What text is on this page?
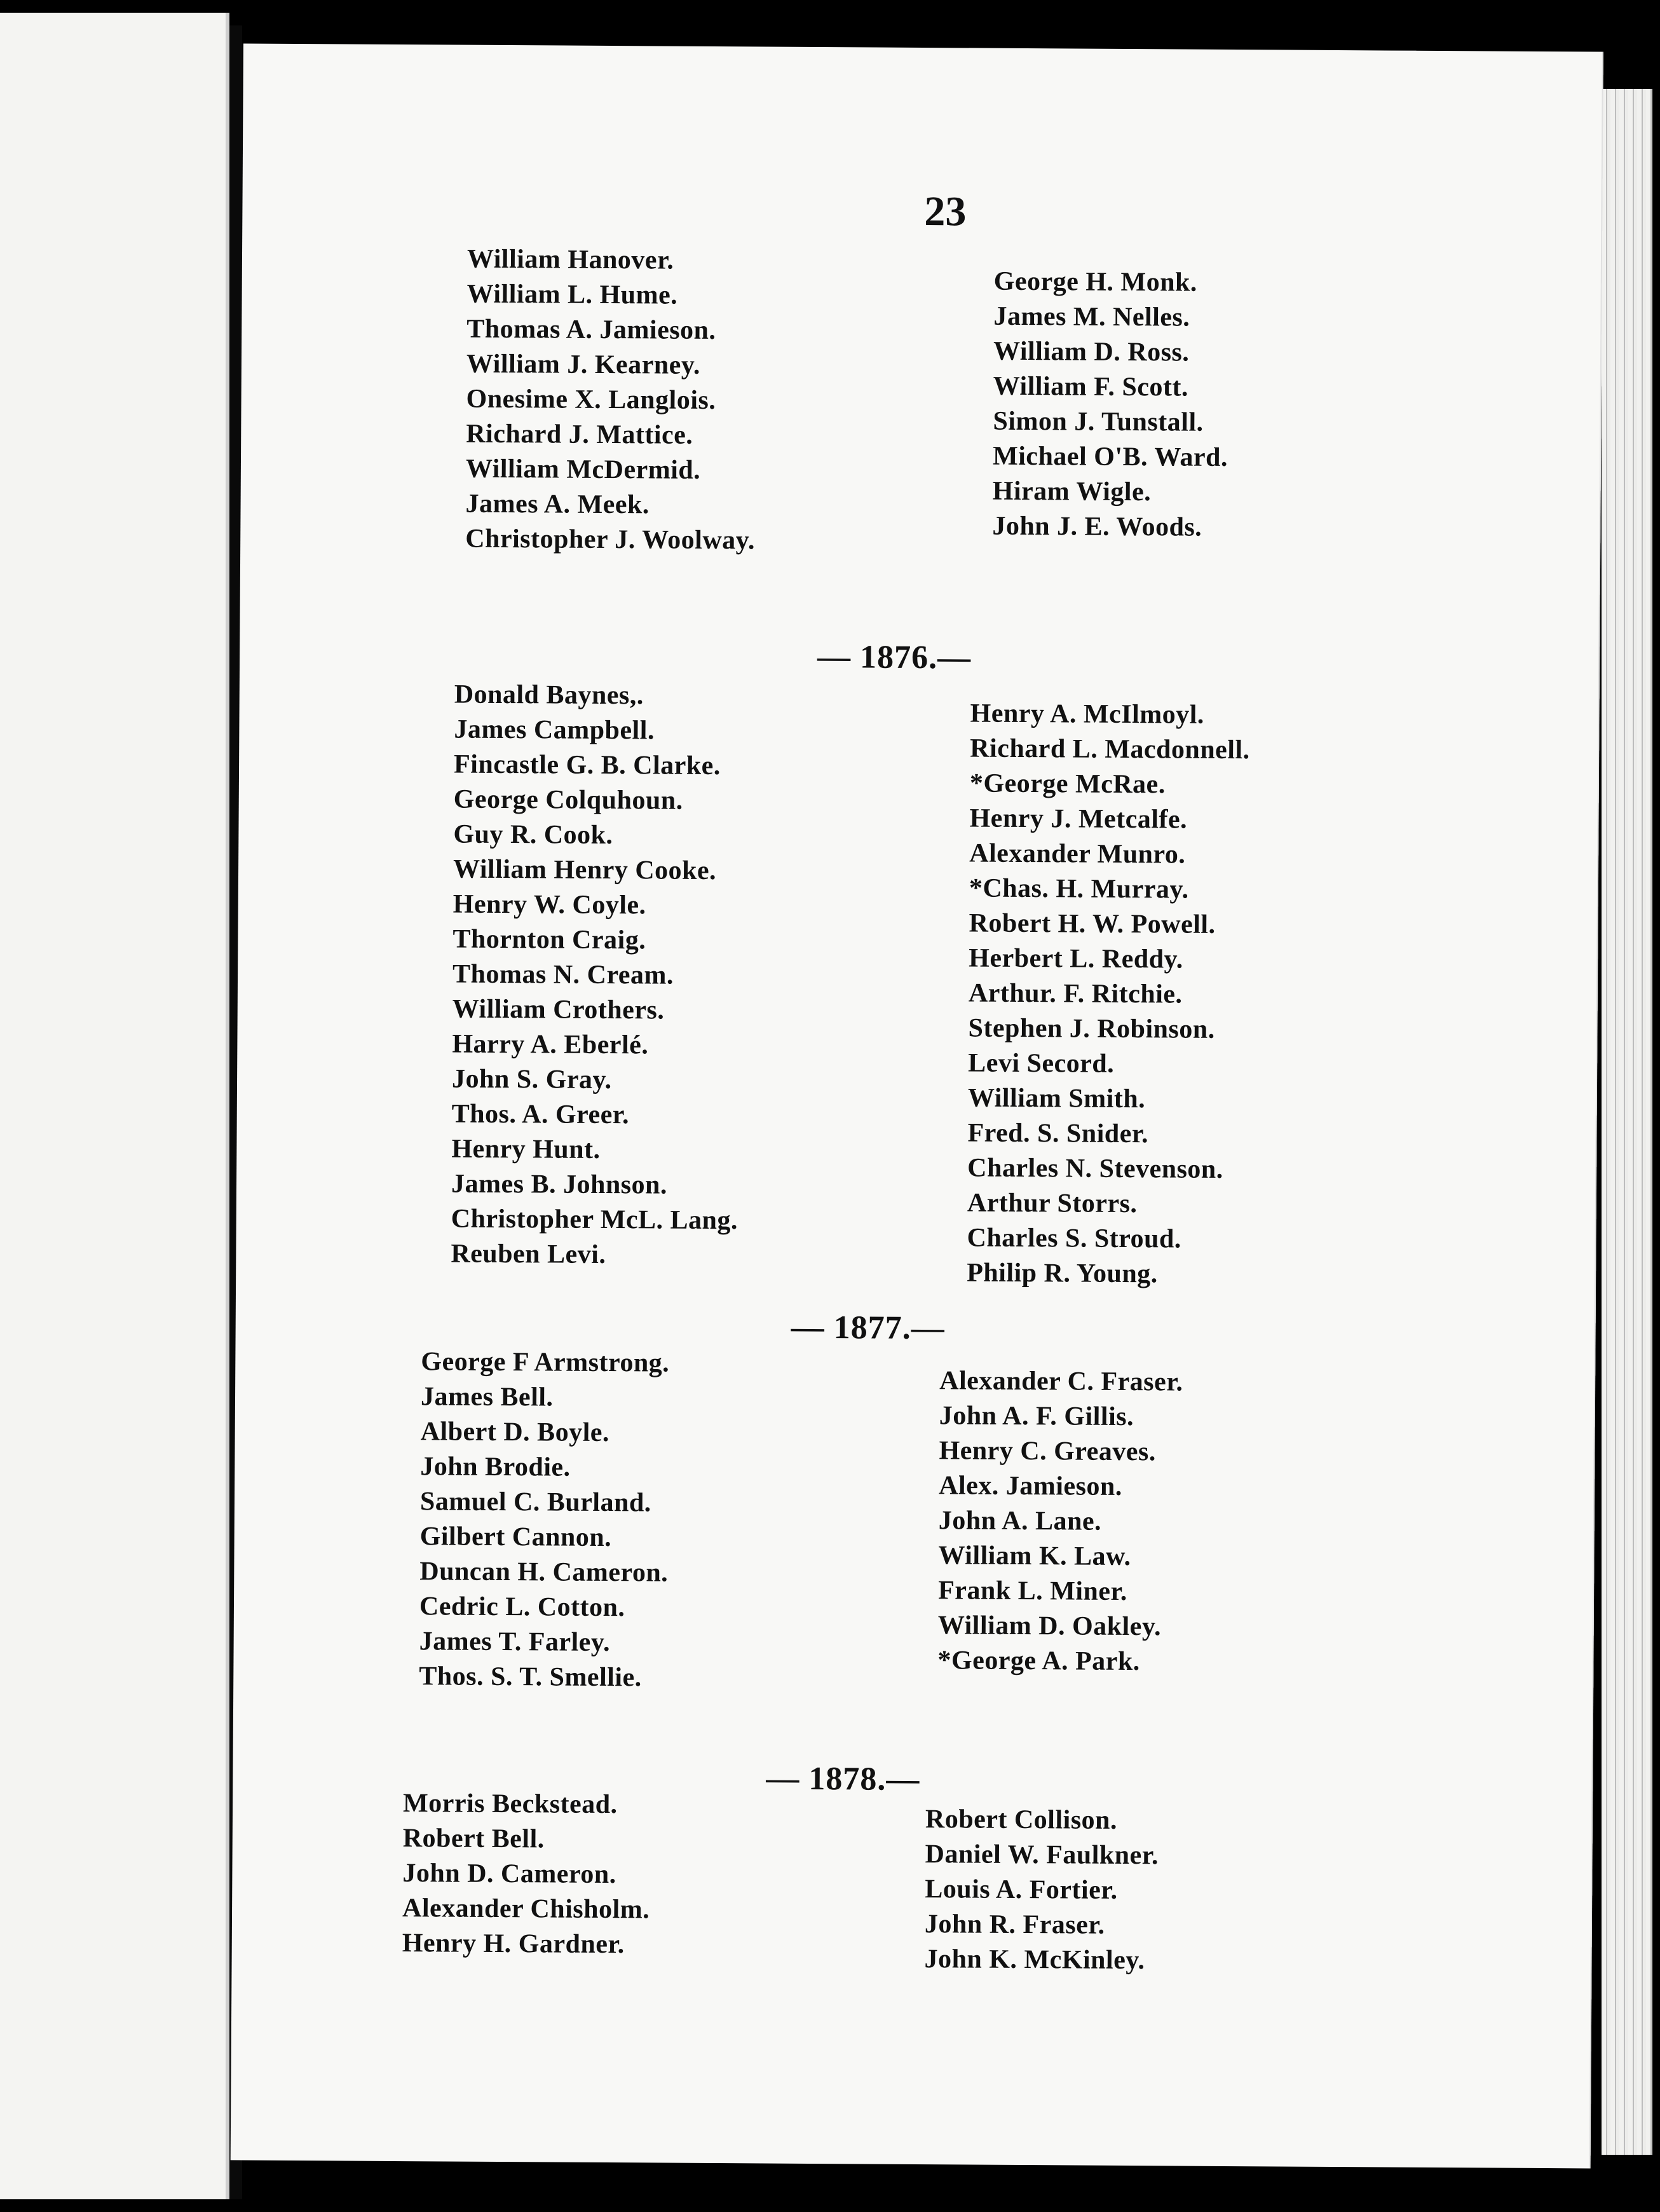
23
William Hanover.
William L. Hume.
Thomas A. Jamieson.
William J. Kearney.
Onesime X. Langlois.
Richard J. Mattice.
William McDermid.
James A. Meek.
Christopher J. Woolway.
George H. Monk.
James M. Nelles.
William D. Ross.
William F. Scott.
Simon J. Tunstall.
Michael O'B. Ward.
Hiram Wigle.
John J. E. Woods.
— 1876.—
Donald Baynes,.
James Campbell.
Fincastle G. B. Clarke.
George Colquhoun.
Guy R. Cook.
William Henry Cooke.
Henry W. Coyle.
Thornton Craig.
Thomas N. Cream.
William Crothers.
Harry A. Eberlé.
John S. Gray.
Thos. A. Greer.
Henry Hunt.
James B. Johnson.
Christopher McL. Lang.
Reuben Levi.
Henry A. McIlmoyl.
Richard L. Macdonnell.
*George McRae.
Henry J. Metcalfe.
Alexander Munro.
*Chas. H. Murray.
Robert H. W. Powell.
Herbert L. Reddy.
Arthur. F. Ritchie.
Stephen J. Robinson.
Levi Secord.
William Smith.
Fred. S. Snider.
Charles N. Stevenson.
Arthur Storrs.
Charles S. Stroud.
Philip R. Young.
— 1877.—
George F Armstrong.
James Bell.
Albert D. Boyle.
John Brodie.
Samuel C. Burland.
Gilbert Cannon.
Duncan H. Cameron.
Cedric L. Cotton.
James T. Farley.
Thos. S. T. Smellie.
Alexander C. Fraser.
John A. F. Gillis.
Henry C. Greaves.
Alex. Jamieson.
John A. Lane.
William K. Law.
Frank L. Miner.
William D. Oakley.
*George A. Park.
— 1878.—
Morris Beckstead.
Robert Bell.
John D. Cameron.
Alexander Chisholm.
Henry H. Gardner.
Robert Collison.
Daniel W. Faulkner.
Louis A. Fortier.
John R. Fraser.
John K. McKinley.
